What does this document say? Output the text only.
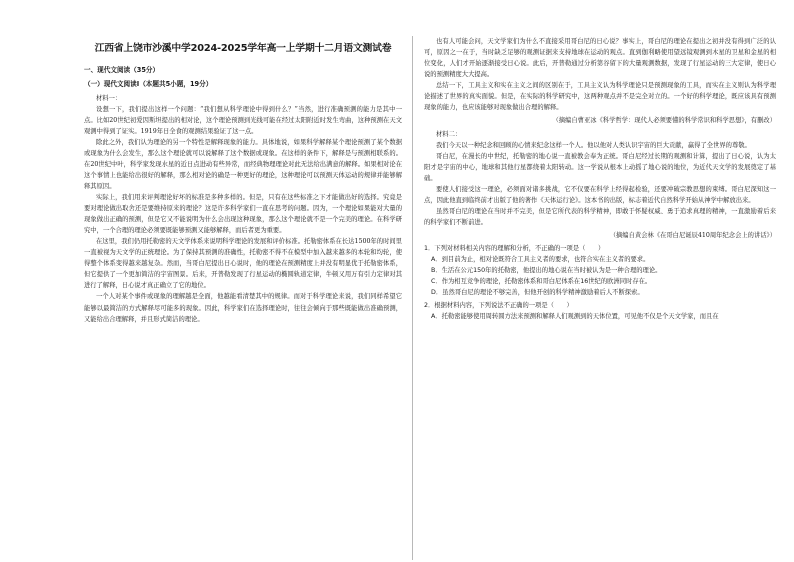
江西省上饶市沙溪中学2024-2025学年高一上学期十二月语文测试卷
一、现代文阅读（35分）
（一）现代文阅读Ⅰ（本题共5小题，19分）

材料一：

设想一下，我们提出这样一个问题：“我们想从科学理论中得到什么？”当然，进行准确预测的能力是其中一点。比如20世纪初爱因斯坦提出的相对论，这个理论预测到光线可能在经过太阳附近时发生弯曲，这种预测在天文观测中得到了证实。1919年日全食的观测结果验证了这一点。

除此之外，我们认为理论的另一个特性是解释现象的能力。具体地说，如果科学解释某个理论预测了某个数据或现象为什么会发生，那么这个理论就可以说解释了这个数据或现象。在这样的条件下，解释是与预测相联系的。在20世纪中叶，科学家发现水星的近日点进动有些异常，而经典物理理论对此无法给出满意的解释。如果相对论在这个事情上也能给出很好的解释，那么相对论的确是一种更好的理论，这种理论可以预测天体运动的规律并能够解释其原因。

实际上，我们用来评判理论好坏的标准是多种多样的。但是，只有在这些标准之下才能做出好的选择。究竟是要对理论做出取舍还是要维持原来的理论？这是许多科学家们一直在思考的问题。因为，一个理论如果能对大量的现象做出正确的预测，但是它又不能说明为什么会出现这种现象，那么这个理论就不是一个完美的理论。在科学研究中，一个合理的理论必须要既能够预测又能够解释，而后者更为重要。

在这里，我们仍用托勒密的天文学体系来说明科学理论的发展和评价标准。托勒密体系在长达1500年的时间里一直被视为天文学的正统理论。为了保持其预测的准确性，托勒密不得不在模型中加入越来越多的本轮和均轮，使得整个体系变得越来越复杂。然而，当哥白尼提出日心说时，他的理论在预测精度上并没有明显优于托勒密体系，但它提供了一个更加简洁的宇宙图景。后来，开普勒发现了行星运动的椭圆轨道定律，牛顿又用万有引力定律对其进行了解释，日心说才真正确立了它的地位。

一个人对某个事件或现象的理解越是全面，他越能看清楚其中的规律。而对于科学理论来说，我们同样希望它能够以最简洁的方式解释尽可能多的现象。因此，科学家们在选择理论时，往往会倾向于那些既能做出准确预测，又能给出合理解释，并且形式简洁的理论。

也有人可能会问，天文学家们为什么不直接采用哥白尼的日心说？事实上，哥白尼的理论在提出之初并没有得到广泛的认可，原因之一在于，当时缺乏足够的观测证据来支持地球在运动的观点。直到伽利略使用望远镜观测到木星的卫星和金星的相位变化，人们才开始逐渐接受日心说。此后，开普勒通过分析第谷留下的大量观测数据，发现了行星运动的三大定律，使日心说的预测精度大大提高。

总结一下，工具主义和实在主义之间的区别在于，工具主义认为科学理论只是预测现象的工具，而实在主义则认为科学理论描述了世界的真实面貌。但是，在实际的科学研究中，这两种观点并不是完全对立的。一个好的科学理论，既应该具有预测现象的能力，也应该能够对现象做出合理的解释。

（摘编自曹亚冰《科学哲学：现代人必须要懂的科学常识和科学思想》，有删改）

材料二：

我们今天以一种纪念和回顾的心情来纪念这样一个人。他以他对人类认识宇宙的巨大贡献，赢得了全世界的尊敬。

哥白尼，在漫长的中世纪，托勒密的地心说一直被教会奉为正统。哥白尼经过长期的观测和计算，提出了日心说，认为太阳才是宇宙的中心，地球和其他行星都绕着太阳转动。这一学说从根本上动摇了地心说的地位，为近代天文学的发展奠定了基础。

要使人们接受这一理论，必须面对诸多挑战，它不仅要在科学上经得起检验，还要冲破宗教思想的束缚。哥白尼深知这一点，因此他直到临终前才出版了他的著作《天体运行论》。这本书的出版，标志着近代自然科学开始从神学中解放出来。

虽然哥白尼的理论在当时并不完美，但是它所代表的科学精神，即敢于怀疑权威、勇于追求真理的精神，一直激励着后来的科学家们不断前进。

（摘编自黄会林《在哥白尼诞辰410周年纪念会上的讲话》）

1．下列对材料相关内容的理解和分析，不正确的一项是（　　）

A．到目前为止，相对论既符合工具主义者的要求，也符合实在主义者的要求。

B．生活在公元150年的托勒密，他提出的地心说在当时被认为是一种合理的理论。

C．作为相互竞争的理论，托勒密体系和哥白尼体系在16世纪的欧洲同时存在。

D．虽然哥白尼的理论不够完善，但他开创的科学精神激励着后人不断探索。

2．根据材料内容，下列说法不正确的一项是（　　）

A．托勒密能够使用周转圆方法来预测和解释人们观测到的天体位置，可见他不仅是个天文学家，而且在
